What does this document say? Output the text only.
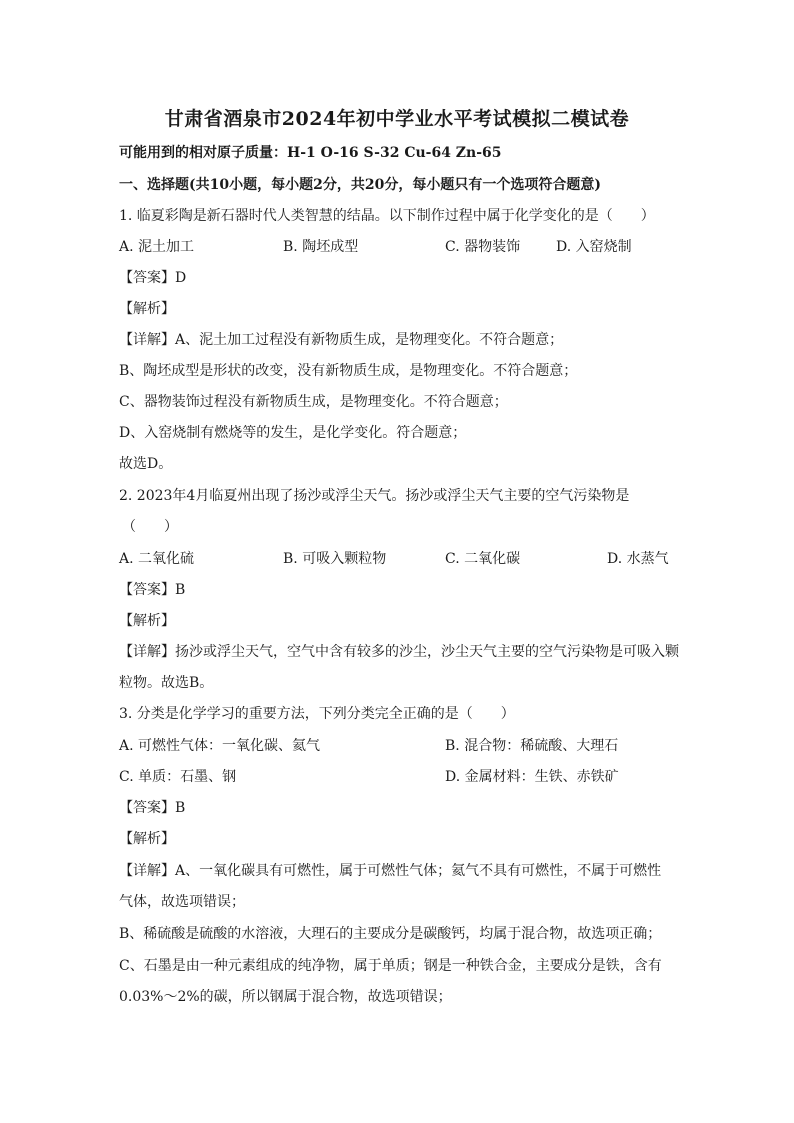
甘肃省酒泉市2024年初中学业水平考试模拟二模试卷
可能用到的相对原子质量：H-1 O-16 S-32 Cu-64 Zn-65
一、选择题(共10小题，每小题2分，共20分，每小题只有一个选项符合题意)
1. 临夏彩陶是新石器时代人类智慧的结晶。以下制作过程中属于化学变化的是（　　）
A. 泥土加工	B. 陶坯成型	C. 器物装饰	D. 入窑烧制
【答案】D
【解析】
【详解】A、泥土加工过程没有新物质生成，是物理变化。不符合题意；
B、陶坯成型是形状的改变，没有新物质生成，是物理变化。不符合题意；
C、器物装饰过程没有新物质生成，是物理变化。不符合题意；
D、入窑烧制有燃烧等的发生，是化学变化。符合题意；
故选D。
2. 2023年4月临夏州出现了扬沙或浮尘天气。扬沙或浮尘天气主要的空气污染物是
（　　）
A. 二氧化硫	B. 可吸入颗粒物	C. 二氧化碳	D. 水蒸气
【答案】B
【解析】
【详解】扬沙或浮尘天气，空气中含有较多的沙尘，沙尘天气主要的空气污染物是可吸入颗
粒物。故选B。
3. 分类是化学学习的重要方法，下列分类完全正确的是（　　）
A. 可燃性气体：一氧化碳、氦气	B. 混合物：稀硫酸、大理石
C. 单质：石墨、钢	D. 金属材料：生铁、赤铁矿
【答案】B
【解析】
【详解】A、一氧化碳具有可燃性，属于可燃性气体；氦气不具有可燃性，不属于可燃性
气体，故选项错误；
B、稀硫酸是硫酸的水溶液，大理石的主要成分是碳酸钙，均属于混合物，故选项正确；
C、石墨是由一种元素组成的纯净物，属于单质；钢是一种铁合金，主要成分是铁，含有
0.03%～2%的碳，所以钢属于混合物，故选项错误；
